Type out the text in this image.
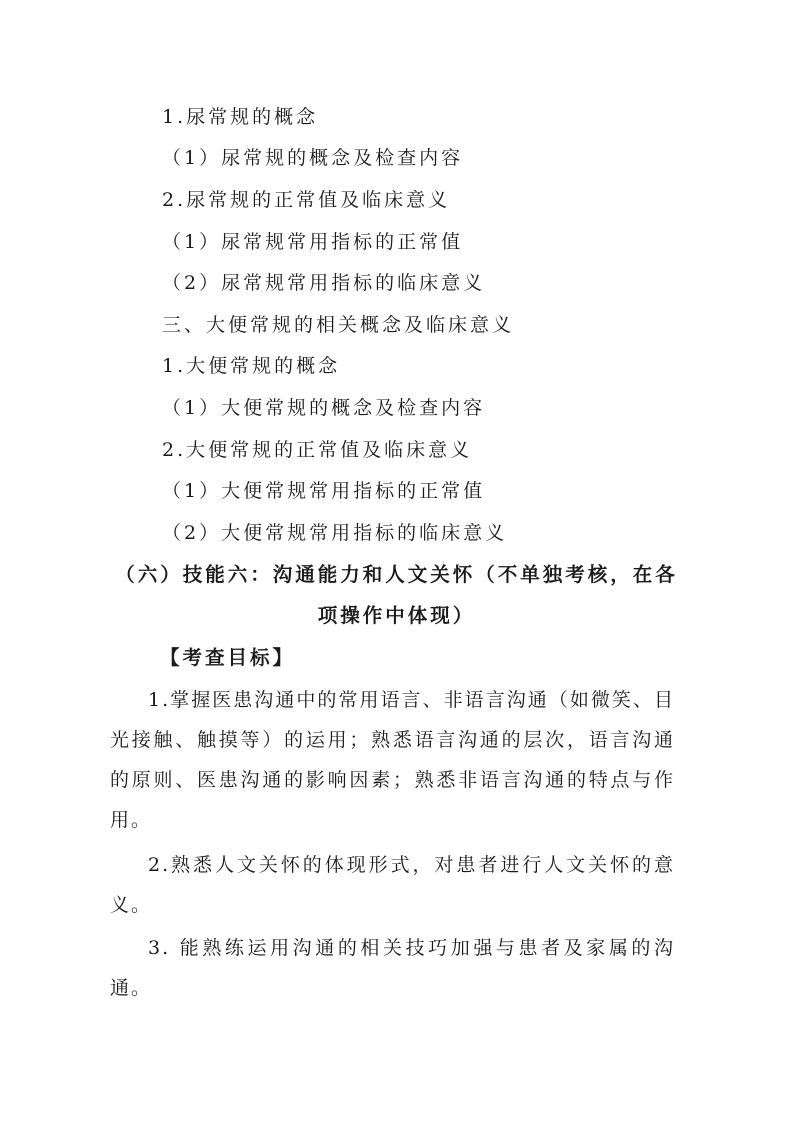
1.尿常规的概念
（1）尿常规的概念及检查内容
2.尿常规的正常值及临床意义
（1）尿常规常用指标的正常值
（2）尿常规常用指标的临床意义
三、大便常规的相关概念及临床意义
1.大便常规的概念
（1）大便常规的概念及检查内容
2.大便常规的正常值及临床意义
（1）大便常规常用指标的正常值
（2）大便常规常用指标的临床意义
（六）技能六：沟通能力和人文关怀（不单独考核，在各
项操作中体现）
【考查目标】
1.掌握医患沟通中的常用语言、非语言沟通（如微笑、目光接触、触摸等）的运用；熟悉语言沟通的层次，语言沟通的原则、医患沟通的影响因素；熟悉非语言沟通的特点与作用。
2.熟悉人文关怀的体现形式，对患者进行人文关怀的意义。
3. 能熟练运用沟通的相关技巧加强与患者及家属的沟通。
